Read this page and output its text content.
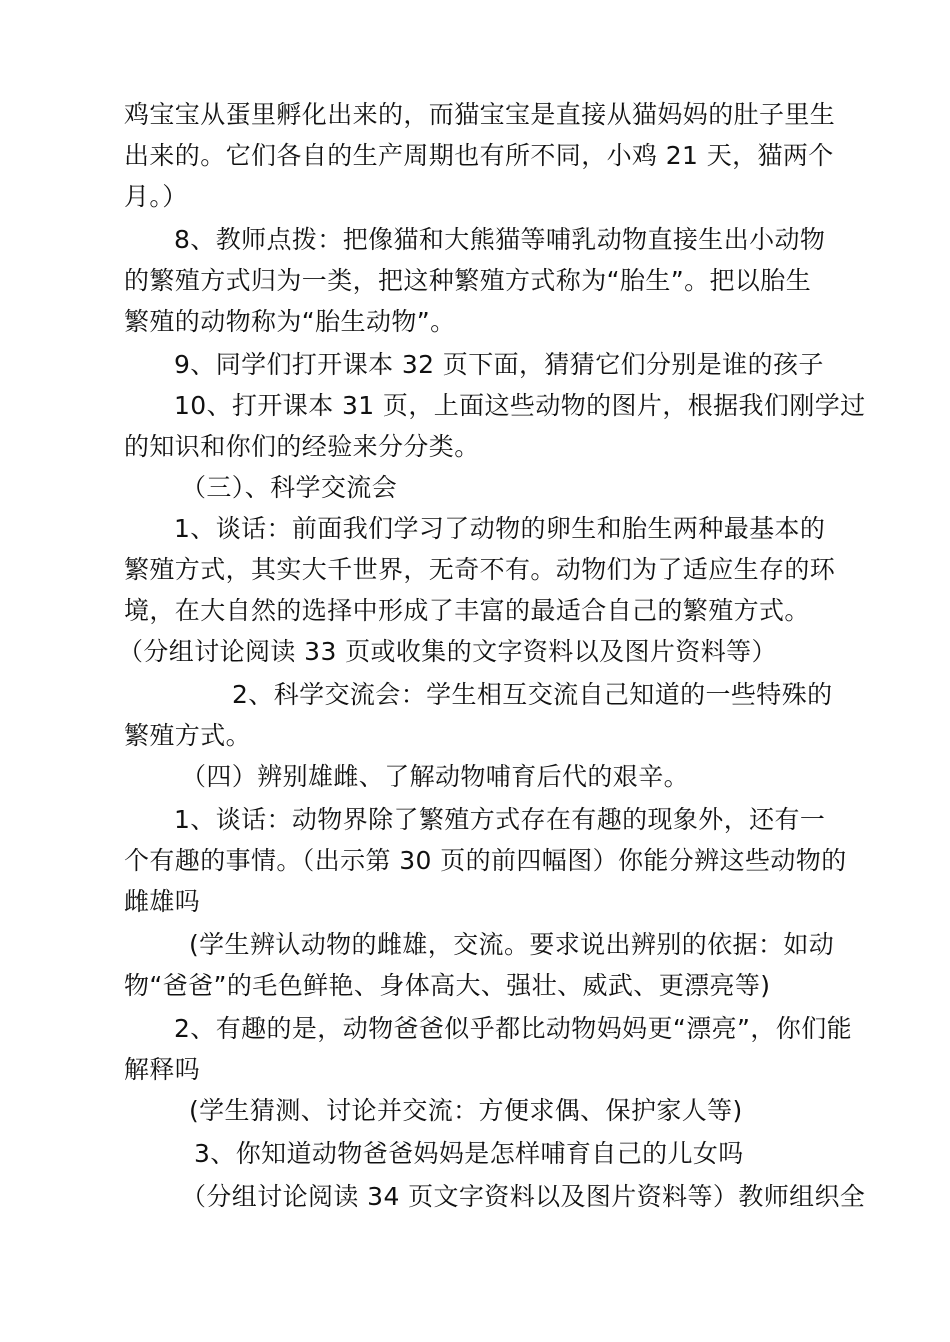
鸡宝宝从蛋里孵化出来的，而猫宝宝是直接从猫妈妈的肚子里生
出来的。它们各自的生产周期也有所不同，小鸡 21 天，猫两个
月。）
8、教师点拨：把像猫和大熊猫等哺乳动物直接生出小动物
的繁殖方式归为一类，把这种繁殖方式称为“胎生”。把以胎生
繁殖的动物称为“胎生动物”。
9、同学们打开课本 32 页下面，猜猜它们分别是谁的孩子
10、打开课本 31 页，上面这些动物的图片，根据我们刚学过
的知识和你们的经验来分分类。
（三）、科学交流会
1、谈话：前面我们学习了动物的卵生和胎生两种最基本的
繁殖方式，其实大千世界，无奇不有。动物们为了适应生存的环
境，在大自然的选择中形成了丰富的最适合自己的繁殖方式。
（分组讨论阅读 33 页或收集的文字资料以及图片资料等）
2、科学交流会：学生相互交流自己知道的一些特殊的
繁殖方式。
（四）辨别雄雌、了解动物哺育后代的艰辛。
1、谈话：动物界除了繁殖方式存在有趣的现象外，还有一
个有趣的事情。（出示第 30 页的前四幅图）你能分辨这些动物的
雌雄吗
(学生辨认动物的雌雄，交流。要求说出辨别的依据：如动
物“爸爸”的毛色鲜艳、身体高大、强壮、威武、更漂亮等)
2、有趣的是，动物爸爸似乎都比动物妈妈更“漂亮”，你们能
解释吗
(学生猜测、讨论并交流：方便求偶、保护家人等)
3、你知道动物爸爸妈妈是怎样哺育自己的儿女吗
（分组讨论阅读 34 页文字资料以及图片资料等）教师组织全
